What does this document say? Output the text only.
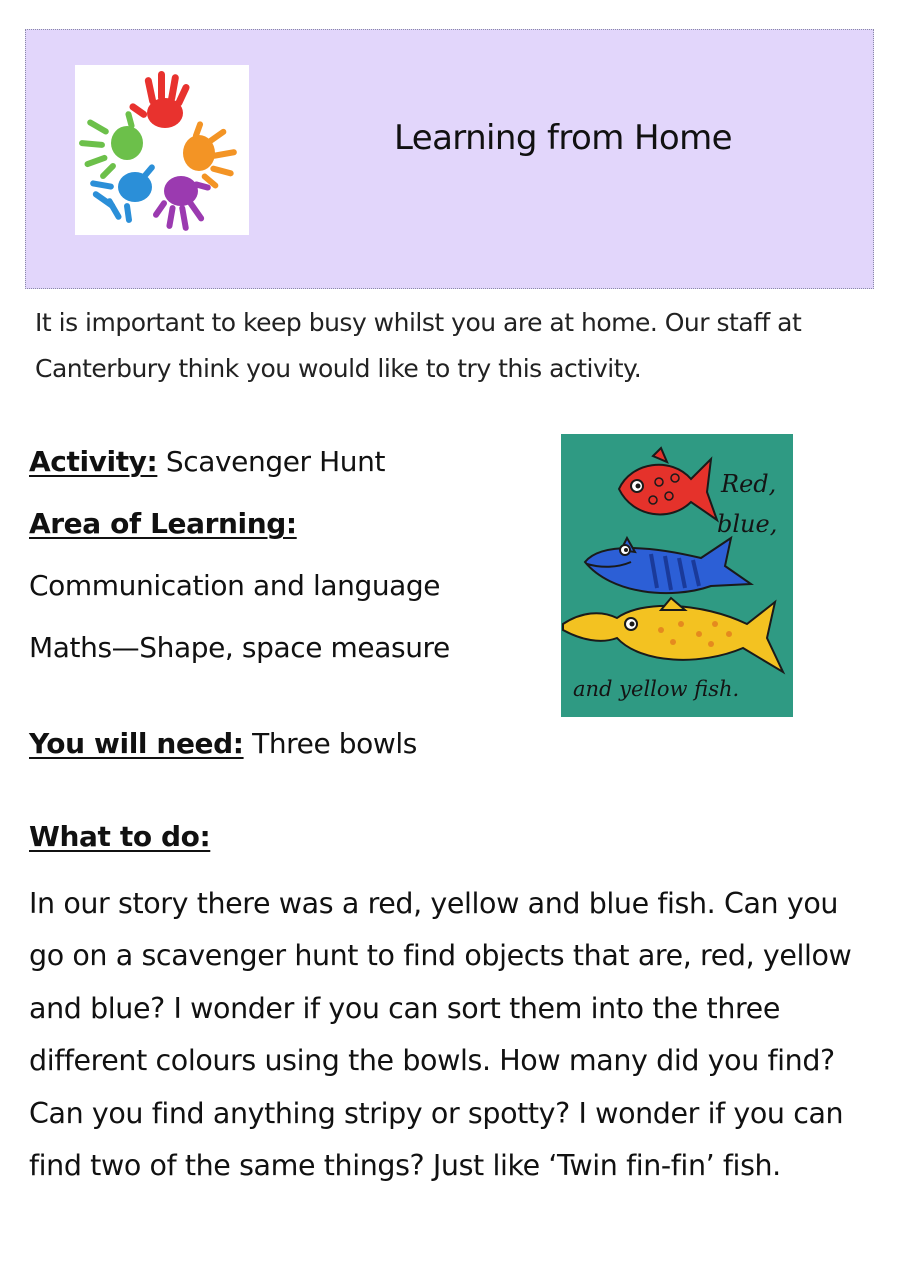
Learning from Home

It is important to keep busy whilst you are at home. Our staff at Canterbury think you would like to try this activity.

Activity: Scavenger Hunt
Area of Learning:
Communication and language
Maths—Shape, space measure
You will need: Three bowls
What to do:

In our story there was a red, yellow and blue fish. Can you go on a scavenger hunt to find objects that are, red, yellow and blue? I wonder if you can sort them into the three different colours using the bowls. How many did you find? Can you find anything stripy or spotty? I wonder if you can find two of the same things? Just like ‘Twin fin-fin’ fish.

Red,
blue,
and yellow fish.
